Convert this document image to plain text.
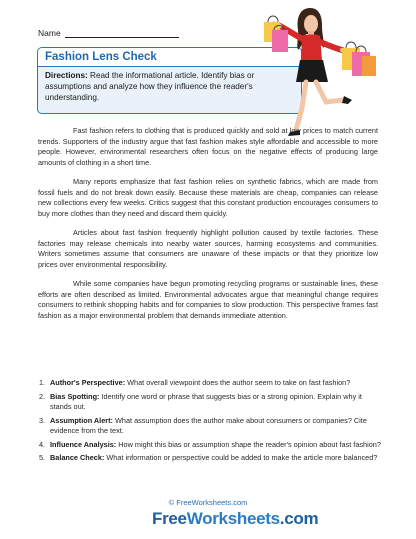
Name
Fashion Lens Check
Directions: Read the informational article. Identify bias or assumptions and analyze how they influence the reader's understanding.

Fast fashion refers to clothing that is produced quickly and sold at low prices to match current trends. Supporters of the industry argue that fast fashion makes style affordable and accessible to more people. However, environmental researchers often focus on the negative effects of producing large amounts of clothing in a short time.

Many reports emphasize that fast fashion relies on synthetic fabrics, which are made from fossil fuels and do not break down easily. Because these materials are cheap, companies can release new collections every few weeks. Critics suggest that this constant production encourages consumers to buy more clothes than they need and discard them quickly.

Articles about fast fashion frequently highlight pollution caused by textile factories. These factories may release chemicals into nearby water sources, harming ecosystems and communities. Writers sometimes assume that consumers are unaware of these impacts or that they prioritize low prices over environmental responsibility.

While some companies have begun promoting recycling programs or sustainable lines, these efforts are often described as limited. Environmental advocates argue that meaningful change requires consumers to rethink shopping habits and for companies to slow production. This perspective frames fast fashion as a major environmental problem that demands immediate attention.

1. Author's Perspective: What overall viewpoint does the author seem to take on fast fashion?
2. Bias Spotting: Identify one word or phrase that suggests bias or a strong opinion. Explain why it stands out.
3. Assumption Alert: What assumption does the author make about consumers or companies? Cite evidence from the text.
4. Influence Analysis: How might this bias or assumption shape the reader's opinion about fast fashion?
5. Balance Check: What information or perspective could be added to make the article more balanced?
© FreeWorksheets.com
FreeWorksheets.com
